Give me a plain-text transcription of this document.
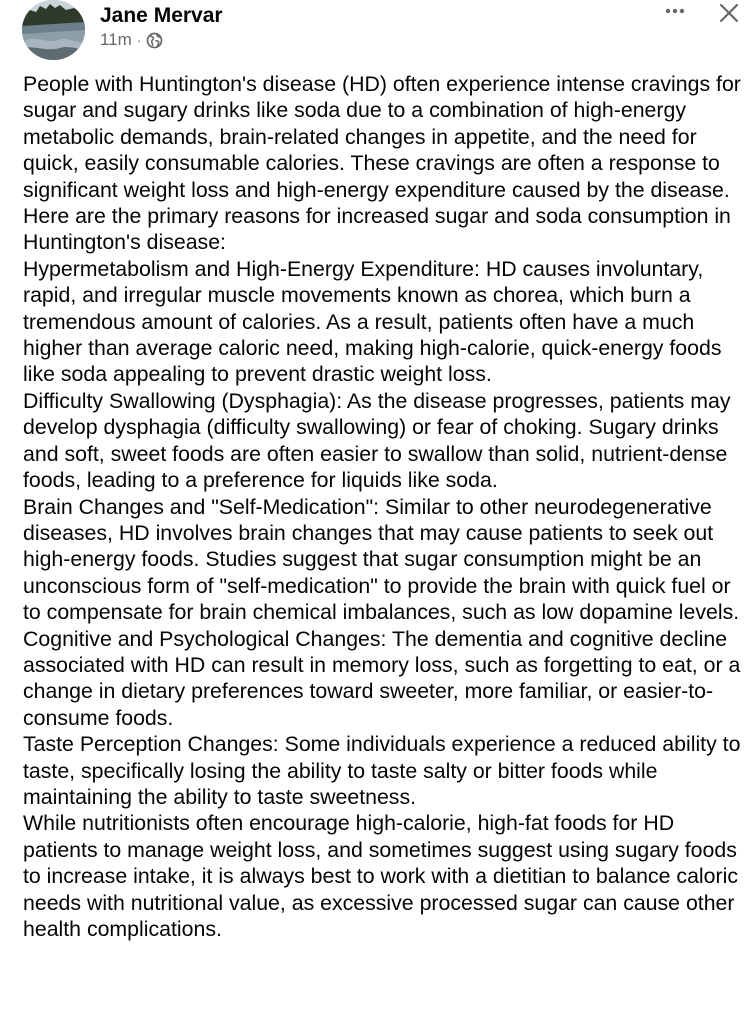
Jane Mervar
11m ·

People with Huntington's disease (HD) often experience intense cravings for sugar and sugary drinks like soda due to a combination of high-energy metabolic demands, brain-related changes in appetite, and the need for quick, easily consumable calories. These cravings are often a response to significant weight loss and high-energy expenditure caused by the disease.

Here are the primary reasons for increased sugar and soda consumption in Huntington's disease:

Hypermetabolism and High-Energy Expenditure: HD causes involuntary, rapid, and irregular muscle movements known as chorea, which burn a tremendous amount of calories. As a result, patients often have a much higher than average caloric need, making high-calorie, quick-energy foods like soda appealing to prevent drastic weight loss.

Difficulty Swallowing (Dysphagia): As the disease progresses, patients may develop dysphagia (difficulty swallowing) or fear of choking. Sugary drinks and soft, sweet foods are often easier to swallow than solid, nutrient-dense foods, leading to a preference for liquids like soda.

Brain Changes and "Self-Medication": Similar to other neurodegenerative diseases, HD involves brain changes that may cause patients to seek out high-energy foods. Studies suggest that sugar consumption might be an unconscious form of "self-medication" to provide the brain with quick fuel or to compensate for brain chemical imbalances, such as low dopamine levels.

Cognitive and Psychological Changes: The dementia and cognitive decline associated with HD can result in memory loss, such as forgetting to eat, or a change in dietary preferences toward sweeter, more familiar, or easier-to-consume foods.

Taste Perception Changes: Some individuals experience a reduced ability to taste, specifically losing the ability to taste salty or bitter foods while maintaining the ability to taste sweetness.

While nutritionists often encourage high-calorie, high-fat foods for HD patients to manage weight loss, and sometimes suggest using sugary foods to increase intake, it is always best to work with a dietitian to balance caloric needs with nutritional value, as excessive processed sugar can cause other health complications.
